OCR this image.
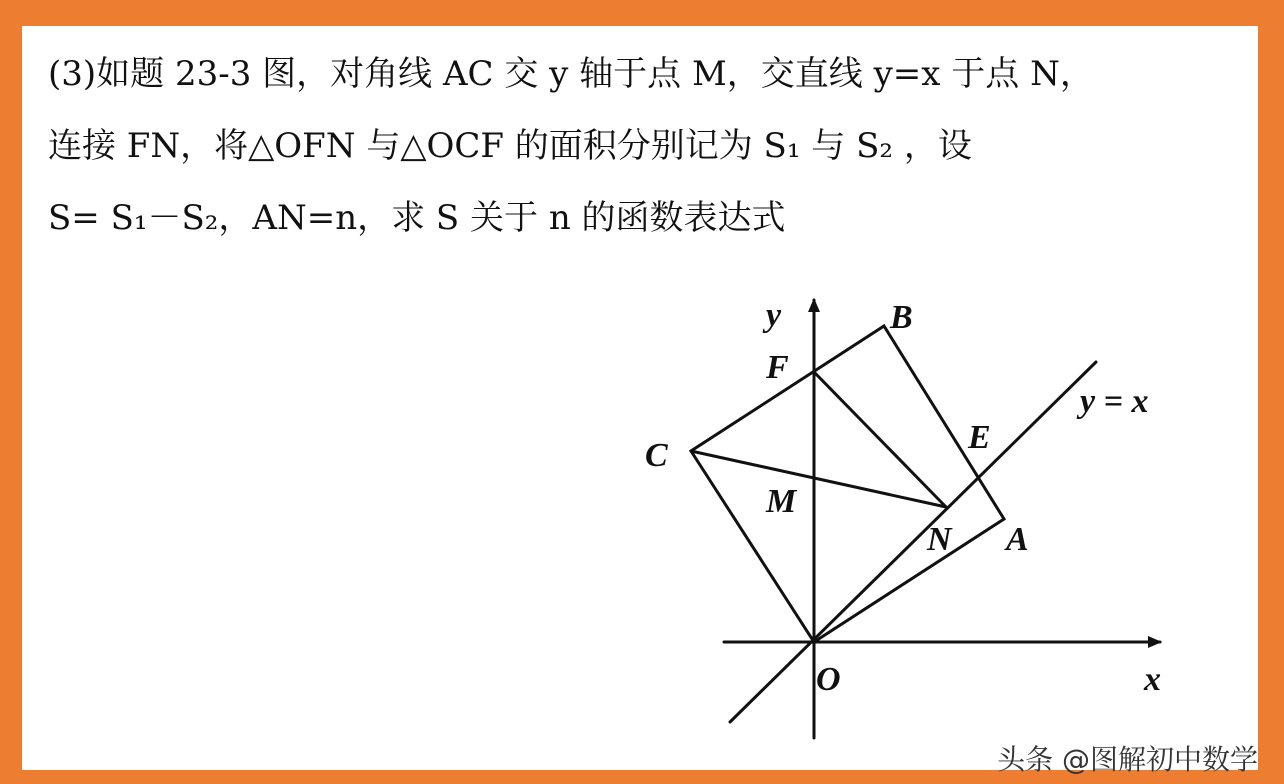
(3)如题 23-3 图，对角线 AC 交 y 轴于点 M，交直线 y=x 于点 N，
连接 FN，将△OFN 与△OCF 的面积分别记为 S₁ 与 S₂ ，设
S= S₁－S₂，AN=n，求 S 关于 n 的函数表达式
y	B
F
y = x
E
C
M
N A
O	x
头条 @图解初中数学
